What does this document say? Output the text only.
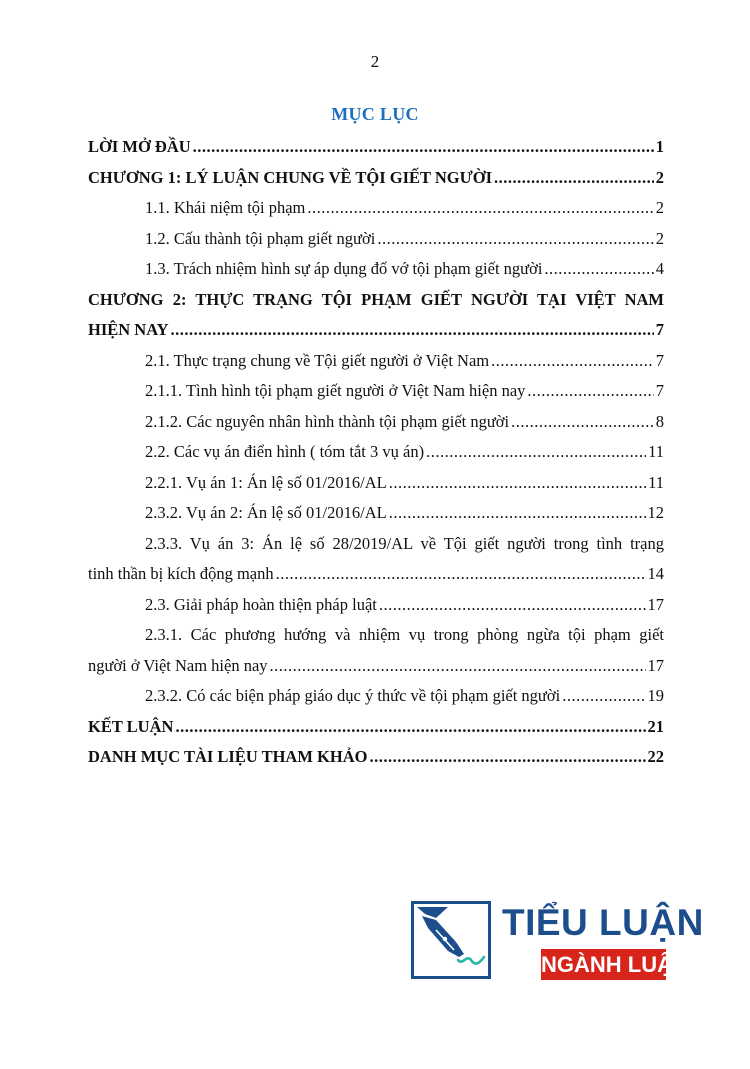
2
MỤC LỤC
LỜI MỞ ĐẦU .....	1
CHƯƠNG 1: LÝ LUẬN CHUNG VỀ TỘI GIẾT NGƯỜI .....	2
1.1. Khái niệm tội phạm .....	2
1.2. Cấu thành tội phạm giết người .....	2
1.3. Trách nhiệm hình sự áp dụng đố vớ tội phạm giết người .....	4
CHƯƠNG 2: THỰC TRẠNG TỘI PHẠM GIẾT NGƯỜI TẠI VIỆT NAM
HIỆN NAY .....	7
2.1. Thực trạng chung về Tội giết người ở Việt Nam .....	7
2.1.1. Tình hình tội phạm giết người ở Việt Nam hiện nay .....	7
2.1.2. Các nguyên nhân hình thành tội phạm giết người .....	8
2.2. Các vụ án điển hình ( tóm tắt 3 vụ án) .....	11
2.2.1. Vụ án 1: Án lệ số 01/2016/AL .....	11
2.3.2. Vụ án 2: Án lệ số 01/2016/AL .....	12
2.3.3. Vụ án 3: Án lệ số 28/2019/AL về Tội giết người trong tình trạng
tinh thần bị kích động mạnh .....	14
2.3. Giải pháp hoàn thiện pháp luật .....	17
2.3.1. Các phương hướng và nhiệm vụ trong phòng ngừa tội phạm giết
người ở Việt Nam hiện nay .....	17
2.3.2. Có các biện pháp giáo dục ý thức về tội phạm giết người .....	19
KẾT LUẬN .....	21
DANH MỤC TÀI LIỆU THAM KHẢO .....	22
TIỂU LUẬN
NGÀNH LUẬT
